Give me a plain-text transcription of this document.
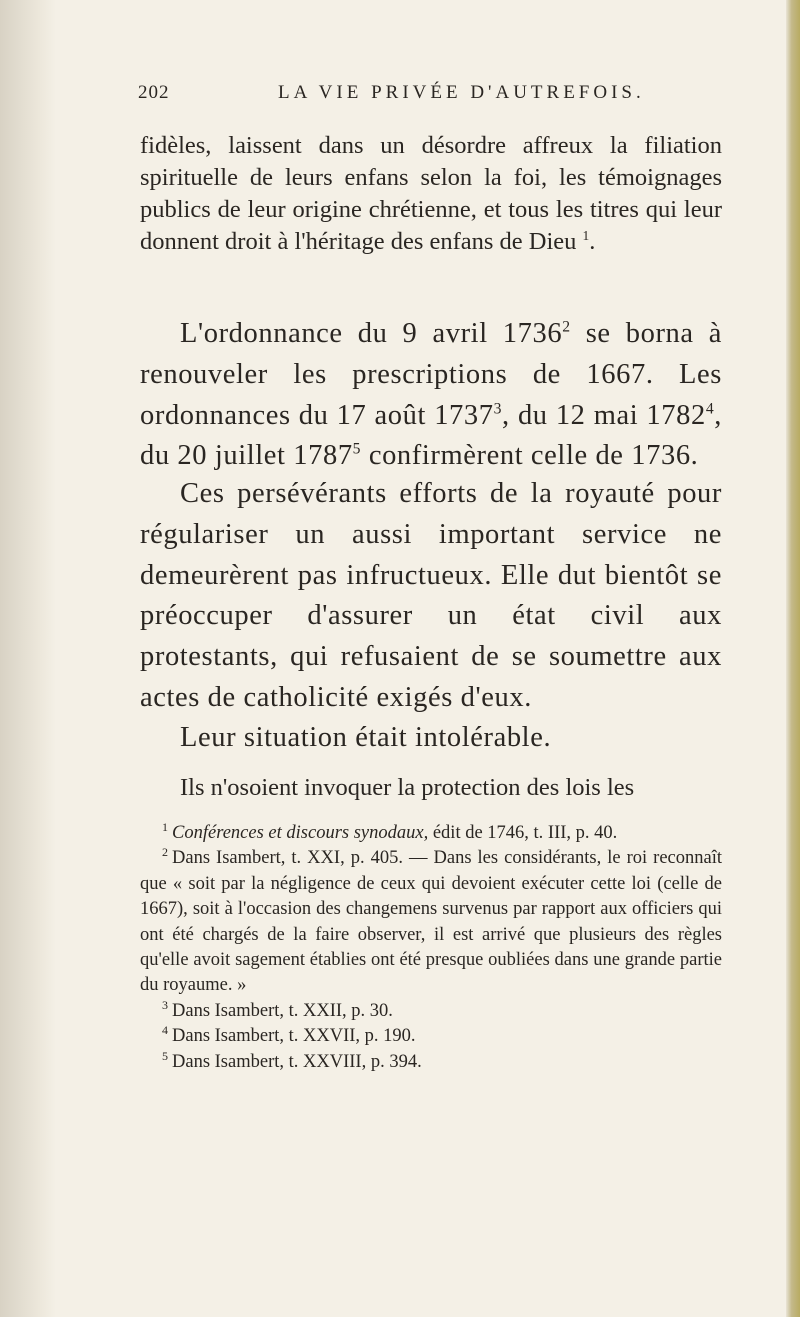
202	LA VIE PRIVÉE D'AUTREFOIS.

fidèles, laissent dans un désordre affreux la filiation spirituelle de leurs enfans selon la foi, les témoignages publics de leur origine chrétienne, et tous les titres qui leur donnent droit à l'héritage des enfans de Dieu $^1$.

L'ordonnance du 9 avril 1736$^2$ se borna à renouveler les prescriptions de 1667. Les ordonnances du 17 août 1737$^3$, du 12 mai 1782$^4$, du 20 juillet 1787$^5$ confirmèrent celle de 1736.

Ces persévérants efforts de la royauté pour régulariser un aussi important service ne demeurèrent pas infructueux. Elle dut bientôt se préoccuper d'assurer un état civil aux protestants, qui refusaient de se soumettre aux actes de catholicité exigés d'eux.

Leur situation était intolérable.

Ils n'osoient invoquer la protection des lois les

$^1$ Conférences et discours synodaux, édit de 1746, t. III, p. 40.

$^2$ Dans Isambert, t. XXI, p. 405. — Dans les considérants, le roi reconnaît que « soit par la négligence de ceux qui devoient exécuter cette loi (celle de 1667), soit à l'occasion des changemens survenus par rapport aux officiers qui ont été chargés de la faire observer, il est arrivé que plusieurs des règles qu'elle avoit sagement établies ont été presque oubliées dans une grande partie du royaume. »

$^3$ Dans Isambert, t. XXII, p. 30.

$^4$ Dans Isambert, t. XXVII, p. 190.

$^5$ Dans Isambert, t. XXVIII, p. 394.
